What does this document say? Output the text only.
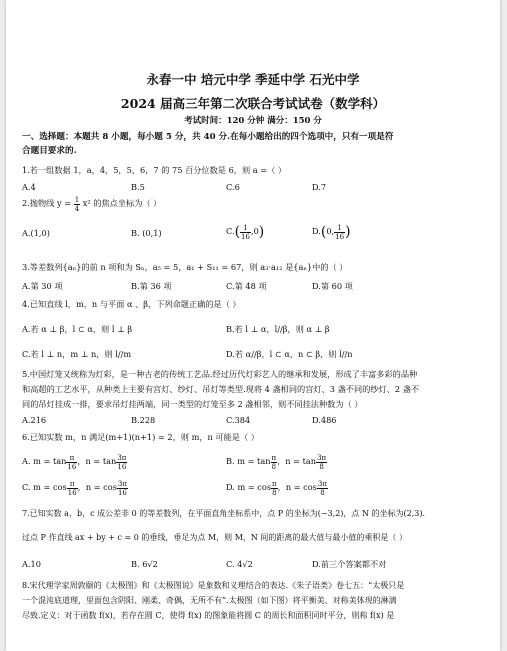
永春一中 培元中学 季延中学 石光中学
2024 届高三年第二次联合考试试卷（数学科）
考试时间：120 分钟 满分：150 分
一、选择题：本题共 8 小题，每小题 5 分，共 40 分.在每小题给出的四个选项中，只有一项是符
合题目要求的.
1.若一组数据 1，a，4，5，5，6，7 的 75 百分位数是 6，则 a =（ ）
A.4	B.5	C.6	D.7
2.抛物线 $y = \frac{1}{4} x^2$ 的焦点坐标为（ ）
A.(1,0)	B. (0,1)	$C.( \frac{1}{16} ,0)$	D.(0, $\frac{1}{16}$ )
3.等差数列{aₙ}的前 n 项和为 Sₙ，a₅ = 5，a₁ + S₁₁ = 67，则 a₃·a₁₂ 是{aₙ}中的（ ）
A.第 30 项	B.第 36 项	C.第 48 项	D.第 60 项
4.已知直线 l，m，n 与平面 α 、β，下列命题正确的是（ ）
A.若 α ⊥ β，l ⊂ α，则 l ⊥ β	B.若 l ⊥ α，l//β，则 α ⊥ β
C.若 l ⊥ n，m ⊥ n，则 l//m	D.若 α//β，l ⊂ α，n ⊂ β，则 l//n
5.中国灯笼又统称为灯彩，是一种古老的传统工艺品.经过历代灯彩艺人的继承和发展，形成了丰富多彩的品种
和高超的工艺水平，从种类上主要有宫灯、纱灯、吊灯等类型.现将 4 盏相同的宫灯、3 盏不同的纱灯、2 盏不
同的吊灯挂成一排，要求吊灯挂两端，同一类型的灯笼至多 2 盏相邻，则不同挂法种数为（ ）
A.216	B.228	C.384	D.486
6.已知实数 m，n 满足(m+1)(n+1) = 2，则 m，n 可能是（ ）
A. $m = \tan \frac{\pi}{16}$ ，$n = \tan \frac{3\pi}{16}$	B. $m = \tan \frac{\pi}{8}$ ，$n = \tan \frac{3\pi}{8}$
C. $m = \cos \frac{\pi}{16}$ ，$n = \cos \frac{3\pi}{16}$	D. $m = \cos \frac{\pi}{8}$ ，$n = \cos \frac{3\pi}{8}$
7.已知实数 a，b，c 成公差非 0 的等差数列，在平面直角坐标系中，点 P 的坐标为(−3,2)，点 N 的坐标为(2,3).
过点 P 作直线 ax + by + c = 0 的垂线，垂足为点 M，则 M，N 间的距离的最大值与最小值的乘积是（ ）
A.10	B. 6√2	C. 4√2	D.前三个答案都不对
8.宋代理学家周敦颐的《太极图》和《太极图说》是象数和义理结合的表达.《朱子语类》卷七五：“太极只是
一个混沌底道理，里面包含阴阳、刚柔、奇偶，无所不有”.太极图（如下图）将平衡美、对称美体现的淋漓
尽致.定义：对于函数 f(x)，若存在圆 C，使得 f(x) 的图象能将圆 C 的周长和面积同时平分，则称 f(x) 是
